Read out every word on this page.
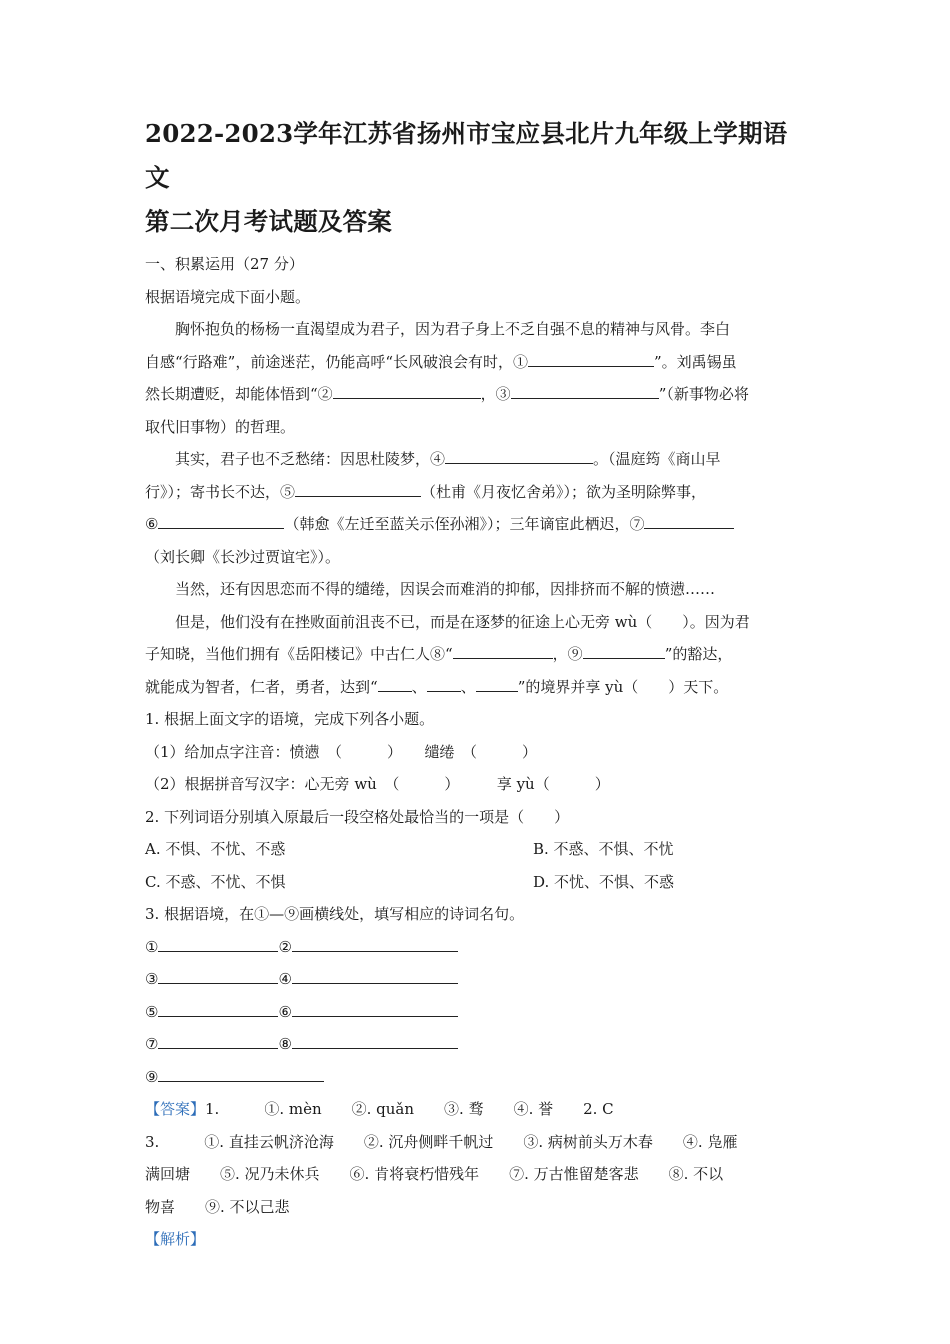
2022-2023学年江苏省扬州市宝应县北片九年级上学期语文
第二次月考试题及答案

一、积累运用（27 分）

根据语境完成下面小题。

胸怀抱负的杨杨一直渴望成为君子，因为君子身上不乏自强不息的精神与风骨。李白

自感“行路难”，前途迷茫，仍能高呼“长风破浪会有时，①	”。刘禹锡虽

然长期遭贬，却能体悟到“②	，③	”（新事物必将

取代旧事物）的哲理。

其实，君子也不乏愁绪：因思杜陵梦，④	。（温庭筠《商山早

行》）；寄书长不达，⑤	（杜甫《月夜忆舍弟》）；欲为圣明除弊事，

⑥	（韩愈《左迁至蓝关示侄孙湘》）；三年谪宦此栖迟，⑦

（刘长卿《长沙过贾谊宅》）。

当然，还有因思恋而不得的缱绻，因误会而难消的抑郁，因排挤而不解的愤懑……

但是，他们没有在挫败面前沮丧不已，而是在逐梦的征途上心无旁 wù（　　）。因为君

子知晓，当他们拥有《岳阳楼记》中古仁人⑧“	，⑨	”的豁达，

就能成为智者，仁者，勇者，达到“ 、 、	”的境界并享 yù（　　）天下。

1. 根据上面文字的语境，完成下列各小题。

（1）给加点字注音：愤懑　（　　　）　　缱绻　（　　　）

（2）根据拼音写汉字：心无旁 wù　（　　　）　　　享 yù（　　　）

2. 下列词语分别填入原最后一段空格处最恰当的一项是（　　）

A. 不惧、不忧、不惑	B. 不惑、不惧、不忧
C. 不惑、不忧、不惧	D. 不忧、不惧、不惑

3. 根据语境，在①—⑨画横线处，填写相应的诗词名句。

①	②
③	④
⑤	⑥
⑦	⑧
⑨

【答案】1.　　　①. mèn　　②. quǎn　　③. 骛　　④. 誉　　2. C

3.　　　①. 直挂云帆济沧海　　②. 沉舟侧畔千帆过　　③. 病树前头万木春　　④. 凫雁

满回塘　　⑤. 况乃未休兵　　⑥. 肯将衰朽惜残年　　⑦. 万古惟留楚客悲　　⑧. 不以

物喜　　⑨. 不以己悲

【解析】
